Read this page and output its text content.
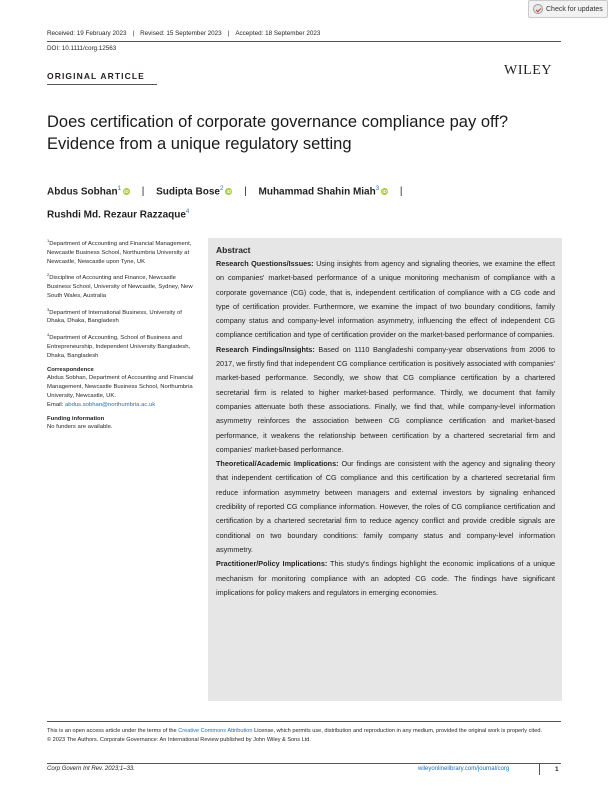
Check for updates
Received: 19 February 2023 | Revised: 15 September 2023 | Accepted: 18 September 2023
DOI: 10.1111/corg.12563
ORIGINAL ARTICLE	WILEY
Does certification of corporate governance compliance pay off? Evidence from a unique regulatory setting
Abdus Sobhan$^1$ iD | Sudipta Bose$^2$ iD | Muhammad Shahin Miah$^3$ iD |
Rushdi Md. Rezaur Razzaque$^4$

$^1$Department of Accounting and Financial Management, Newcastle Business School, Northumbria University at Newcastle, Newcastle upon Tyne, UK

$^2$Discipline of Accounting and Finance, Newcastle Business School, University of Newcastle, Sydney, New South Wales, Australia

$^3$Department of International Business, University of Dhaka, Dhaka, Bangladesh

$^4$Department of Accounting, School of Business and Entrepreneurship, Independent University Bangladesh, Dhaka, Bangladesh

Correspondence

Abdus Sobhan, Department of Accounting and Financial Management, Newcastle Business School, Northumbria University, Newcastle, UK.

Email: abdus.sobhan@northumbria.ac.uk

Funding information

No funders are available.

Abstract

Research Questions/Issues: Using insights from agency and signaling theories, we examine the effect on companies' market-based performance of a unique monitoring mechanism of compliance with a corporate governance (CG) code, that is, independent certification of compliance with a CG code and type of certification provider. Furthermore, we examine the impact of two boundary conditions, family company status and company-level information asymmetry, influencing the effect of independent CG compliance certification and type of certification provider on the market-based performance of companies.

Research Findings/Insights: Based on 1110 Bangladeshi company-year observations from 2006 to 2017, we firstly find that independent CG compliance certification is positively associated with companies' market-based performance. Secondly, we show that CG compliance certification by a chartered secretarial firm is related to higher market-based performance. Thirdly, we document that family companies attenuate both these associations. Finally, we find that, while company-level information asymmetry reinforces the association between CG compliance certification and market-based performance, it weakens the relationship between certification by a chartered secretarial firm and companies' market-based performance.

Theoretical/Academic Implications: Our findings are consistent with the agency and signaling theory that independent certification of CG compliance and this certification by a chartered secretarial firm reduce information asymmetry between managers and external investors by signaling enhanced credibility of reported CG compliance information. However, the roles of CG compliance certification and certification by a chartered secretarial firm to reduce agency conflict and provide credible signals are conditional on two boundary conditions: family company status and company-level information asymmetry.

Practitioner/Policy Implications: This study's findings highlight the economic implications of a unique mechanism for monitoring compliance with an adopted CG code. The findings have significant implications for policy makers and regulators in emerging economies.

This is an open access article under the terms of the Creative Commons Attribution License, which permits use, distribution and reproduction in any medium, provided the original work is properly cited.
© 2023 The Authors. Corporate Governance: An International Review published by John Wiley & Sons Ltd.
Corp Govern Int Rev. 2023;1–33.	wileyonlinelibrary.com/journal/corg	1
